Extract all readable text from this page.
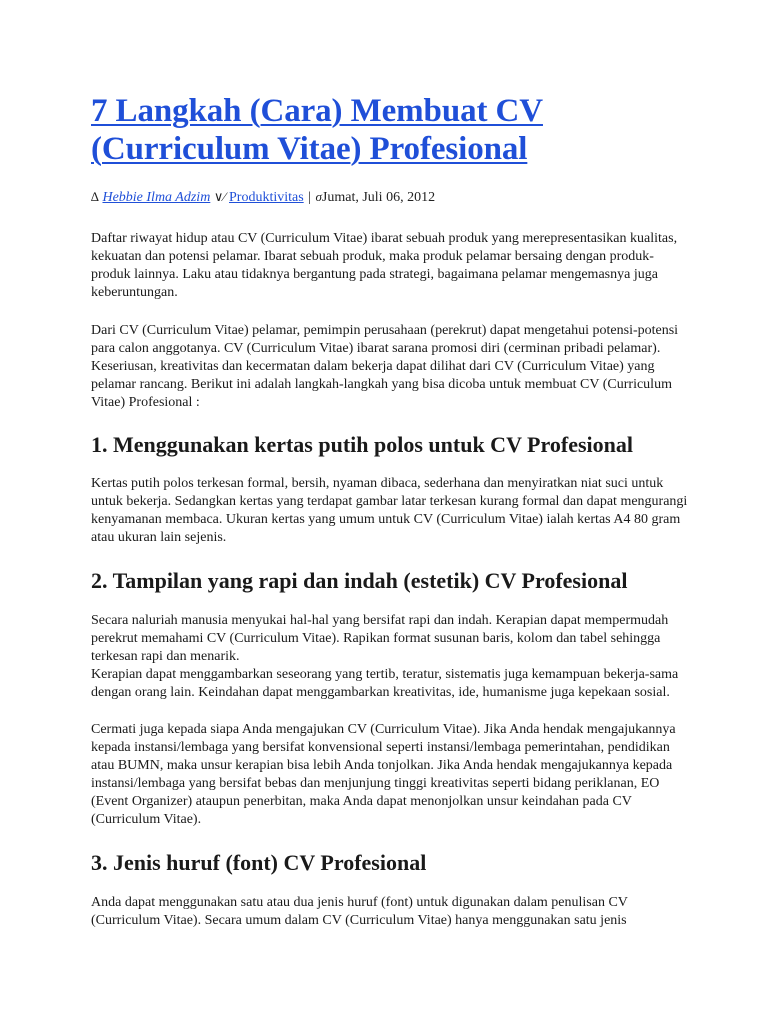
7 Langkah (Cara) Membuat CV (Curriculum Vitae) Profesional
∆ Hebbie Ilma Adzim ∨⁄ Produktivitas | σJumat, Juli 06, 2012

Daftar riwayat hidup atau CV (Curriculum Vitae) ibarat sebuah produk yang merepresentasikan kualitas, kekuatan dan potensi pelamar. Ibarat sebuah produk, maka produk pelamar bersaing dengan produk-produk lainnya. Laku atau tidaknya bergantung pada strategi, bagaimana pelamar mengemasnya juga keberuntungan.

Dari CV (Curriculum Vitae) pelamar, pemimpin perusahaan (perekrut) dapat mengetahui potensi-potensi para calon anggotanya. CV (Curriculum Vitae) ibarat sarana promosi diri (cerminan pribadi pelamar). Keseriusan, kreativitas dan kecermatan dalam bekerja dapat dilihat dari CV (Curriculum Vitae) yang pelamar rancang. Berikut ini adalah langkah-langkah yang bisa dicoba untuk membuat CV (Curriculum Vitae) Profesional :

1. Menggunakan kertas putih polos untuk CV Profesional

Kertas putih polos terkesan formal, bersih, nyaman dibaca, sederhana dan menyiratkan niat suci untuk untuk bekerja. Sedangkan kertas yang terdapat gambar latar terkesan kurang formal dan dapat mengurangi kenyamanan membaca. Ukuran kertas yang umum untuk CV (Curriculum Vitae) ialah kertas A4 80 gram atau ukuran lain sejenis.

2. Tampilan yang rapi dan indah (estetik) CV Profesional

Secara naluriah manusia menyukai hal-hal yang bersifat rapi dan indah. Kerapian dapat mempermudah perekrut memahami CV (Curriculum Vitae). Rapikan format susunan baris, kolom dan tabel sehingga terkesan rapi dan menarik.

Kerapian dapat menggambarkan seseorang yang tertib, teratur, sistematis juga kemampuan bekerja-sama dengan orang lain. Keindahan dapat menggambarkan kreativitas, ide, humanisme juga kepekaan sosial.

Cermati juga kepada siapa Anda mengajukan CV (Curriculum Vitae). Jika Anda hendak mengajukannya kepada instansi/lembaga yang bersifat konvensional seperti instansi/lembaga pemerintahan, pendidikan atau BUMN, maka unsur kerapian bisa lebih Anda tonjolkan. Jika Anda hendak mengajukannya kepada instansi/lembaga yang bersifat bebas dan menjunjung tinggi kreativitas seperti bidang periklanan, EO (Event Organizer) ataupun penerbitan, maka Anda dapat menonjolkan unsur keindahan pada CV (Curriculum Vitae).

3. Jenis huruf (font) CV Profesional

Anda dapat menggunakan satu atau dua jenis huruf (font) untuk digunakan dalam penulisan CV (Curriculum Vitae). Secara umum dalam CV (Curriculum Vitae) hanya menggunakan satu jenis
